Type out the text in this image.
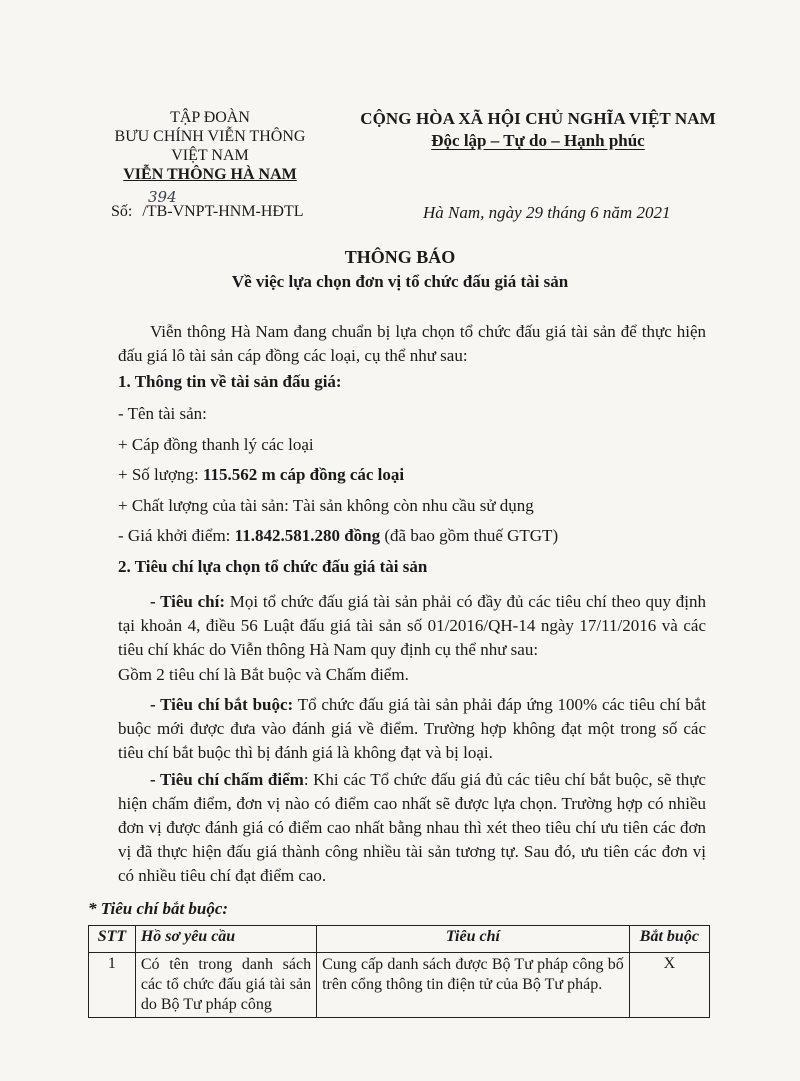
TẬP ĐOÀN
BƯU CHÍNH VIỄN THÔNG
VIỆT NAM
VIỄN THÔNG HÀ NAM
CỘNG HÒA XÃ HỘI CHỦ NGHĨA VIỆT NAM
Độc lập – Tự do – Hạnh phúc
Số:
394
/TB-VNPT-HNM-HĐTL	Hà Nam, ngày 29 tháng 6 năm 2021
THÔNG BÁO
Về việc lựa chọn đơn vị tổ chức đấu giá tài sản
Viễn thông Hà Nam đang chuẩn bị lựa chọn tổ chức đấu giá tài sản để thực hiện đấu giá lô tài sản cáp đồng các loại, cụ thể như sau:
1. Thông tin về tài sản đấu giá:
- Tên tài sản:
+ Cáp đồng thanh lý các loại
+ Số lượng: 115.562 m cáp đồng các loại
+ Chất lượng của tài sản: Tài sản không còn nhu cầu sử dụng
- Giá khởi điểm: 11.842.581.280 đồng (đã bao gồm thuế GTGT)
2. Tiêu chí lựa chọn tổ chức đấu giá tài sản
- Tiêu chí: Mọi tổ chức đấu giá tài sản phải có đầy đủ các tiêu chí theo quy định tại khoản 4, điều 56 Luật đấu giá tài sản số 01/2016/QH-14 ngày 17/11/2016 và các tiêu chí khác do Viễn thông Hà Nam quy định cụ thể như sau:
Gồm 2 tiêu chí là Bắt buộc và Chấm điểm.
- Tiêu chí bắt buộc: Tổ chức đấu giá tài sản phải đáp ứng 100% các tiêu chí bắt buộc mới được đưa vào đánh giá về điểm. Trường hợp không đạt một trong số các tiêu chí bắt buộc thì bị đánh giá là không đạt và bị loại.
- Tiêu chí chấm điểm: Khi các Tổ chức đấu giá đủ các tiêu chí bắt buộc, sẽ thực hiện chấm điểm, đơn vị nào có điểm cao nhất sẽ được lựa chọn. Trường hợp có nhiều đơn vị được đánh giá có điểm cao nhất bằng nhau thì xét theo tiêu chí ưu tiên các đơn vị đã thực hiện đấu giá thành công nhiều tài sản tương tự. Sau đó, ưu tiên các đơn vị có nhiều tiêu chí đạt điểm cao.
* Tiêu chí bắt buộc:
STT	Hồ sơ yêu cầu	Tiêu chí	Bắt buộc
1	Có tên trong danh sách các tổ chức đấu giá tài sản do Bộ Tư pháp công	Cung cấp danh sách được Bộ Tư pháp công bố trên cổng thông tin điện tử của Bộ Tư pháp.	X
